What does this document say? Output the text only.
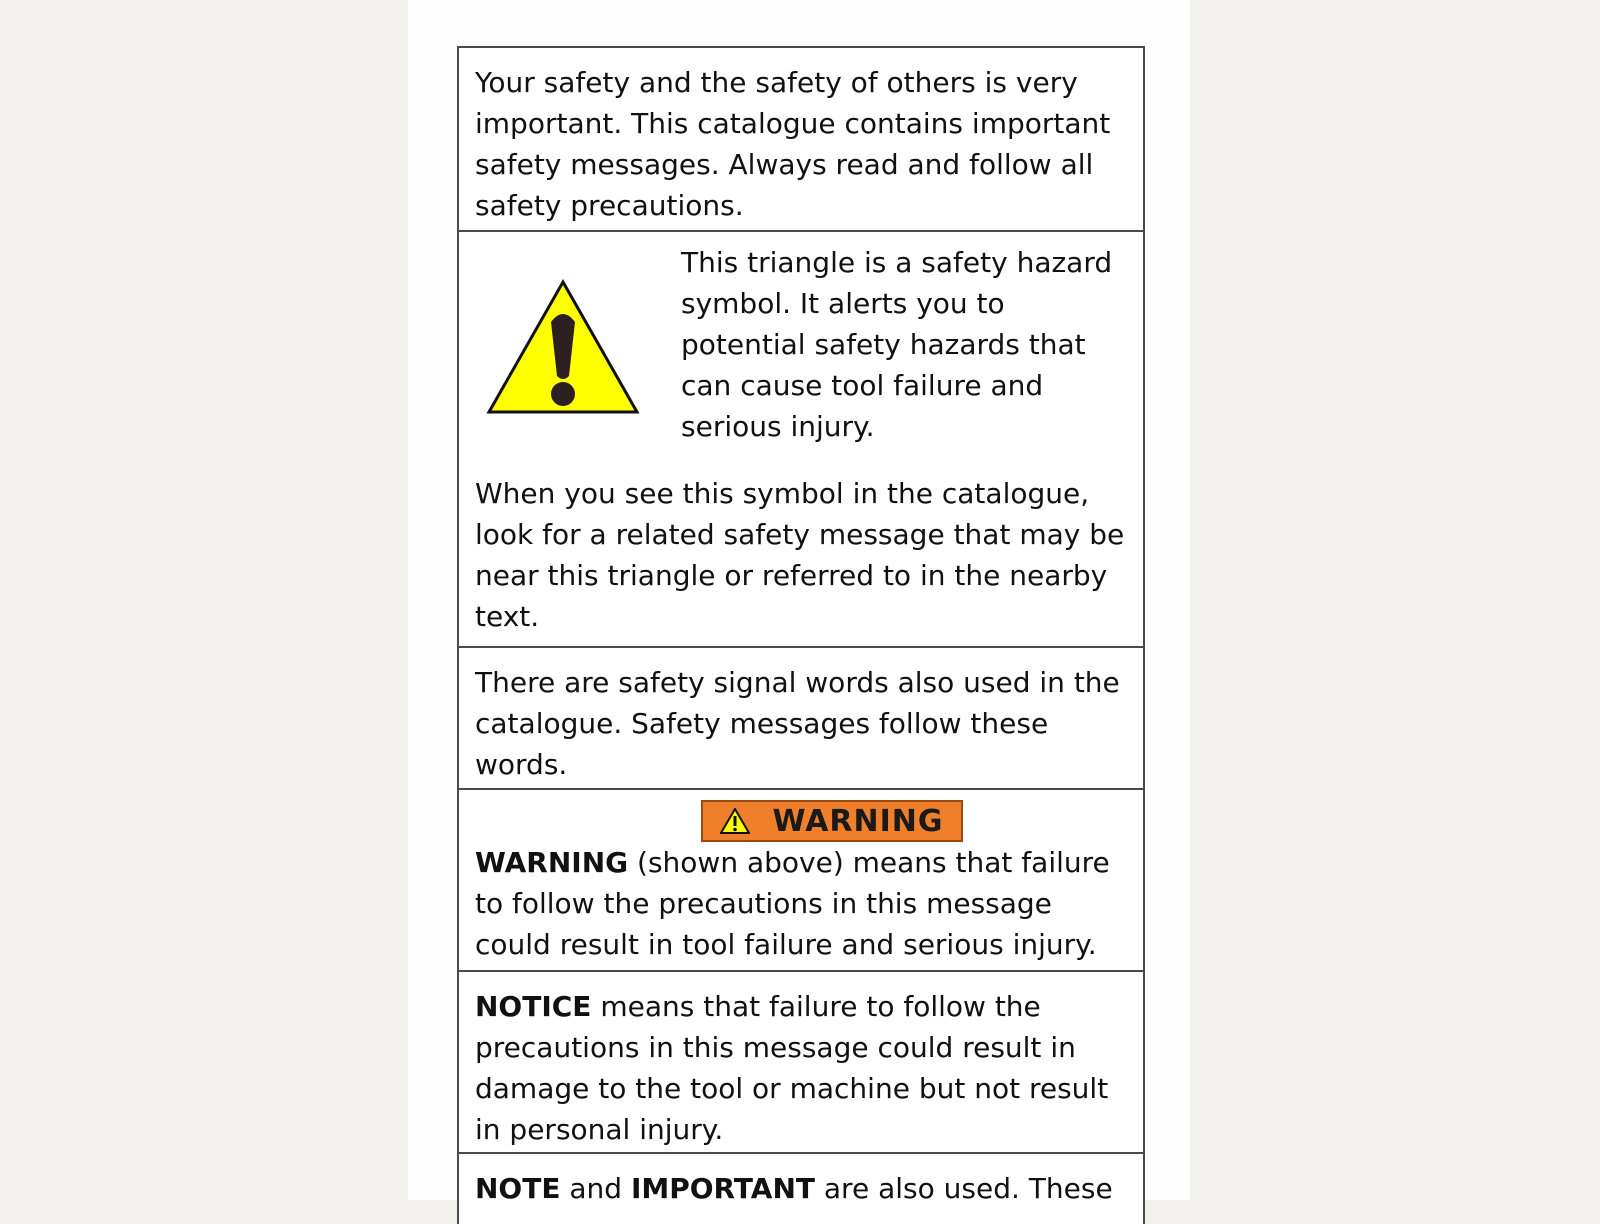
Your safety and the safety of others is very important. This catalogue contains important safety messages. Always read and follow all safety precautions.

This triangle is a safety hazard symbol. It alerts you to potential safety hazards that can cause tool failure and serious injury.

When you see this symbol in the catalogue, look for a related safety message that may be near this triangle or referred to in the nearby text.

There are safety signal words also used in the catalogue. Safety messages follow these words.

WARNING

WARNING (shown above) means that failure to follow the precautions in this message could result in tool failure and serious injury.

NOTICE means that failure to follow the precautions in this message could result in damage to the tool or machine but not result in personal injury.

NOTE and IMPORTANT are also used. These
